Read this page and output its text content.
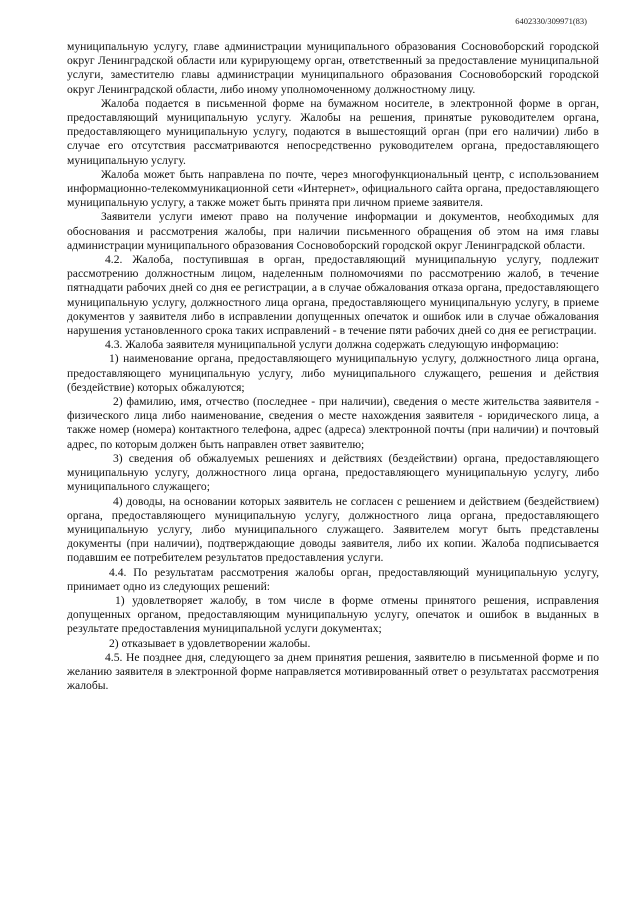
6402330/309971(83)

муниципальную услугу, главе администрации муниципального образования Сосновоборский городской округ Ленинградской области или курирующему орган, ответственный за предоставление муниципальной услуги, заместителю главы администрации муниципального образования Сосновоборский городской округ Ленинградской области, либо иному уполномоченному должностному лицу.

Жалоба подается в письменной форме на бумажном носителе, в электронной форме в орган, предоставляющий муниципальную услугу. Жалобы на решения, принятые руководителем органа, предоставляющего муниципальную услугу, подаются в вышестоящий орган (при его наличии) либо в случае его отсутствия рассматриваются непосредственно руководителем органа, предоставляющего муниципальную услугу.

Жалоба может быть направлена по почте, через многофункциональный центр, с использованием информационно-телекоммуникационной сети «Интернет», официального сайта органа, предоставляющего муниципальную услугу, а также может быть принята при личном приеме заявителя.

Заявители услуги имеют право на получение информации и документов, необходимых для обоснования и рассмотрения жалобы, при наличии письменного обращения об этом на имя главы администрации муниципального образования Сосновоборский городской округ Ленинградской области.

4.2. Жалоба, поступившая в орган, предоставляющий муниципальную услугу, подлежит рассмотрению должностным лицом, наделенным полномочиями по рассмотрению жалоб, в течение пятнадцати рабочих дней со дня ее регистрации, а в случае обжалования отказа органа, предоставляющего муниципальную услугу, должностного лица органа, предоставляющего муниципальную услугу, в приеме документов у заявителя либо в исправлении допущенных опечаток и ошибок или в случае обжалования нарушения установленного срока таких исправлений - в течение пяти рабочих дней со дня ее регистрации.

4.3. Жалоба заявителя муниципальной услуги должна содержать следующую информацию:

1) наименование органа, предоставляющего муниципальную услугу, должностного лица органа, предоставляющего муниципальную услугу, либо муниципального служащего, решения и действия (бездействие) которых обжалуются;

2) фамилию, имя, отчество (последнее - при наличии), сведения о месте жительства заявителя - физического лица либо наименование, сведения о месте нахождения заявителя - юридического лица, а также номер (номера) контактного телефона, адрес (адреса) электронной почты (при наличии) и почтовый адрес, по которым должен быть направлен ответ заявителю;

3) сведения об обжалуемых решениях и действиях (бездействии) органа, предоставляющего муниципальную услугу, должностного лица органа, предоставляющего муниципальную услугу, либо муниципального служащего;

4) доводы, на основании которых заявитель не согласен с решением и действием (бездействием) органа, предоставляющего муниципальную услугу, должностного лица органа, предоставляющего муниципальную услугу, либо муниципального служащего. Заявителем могут быть представлены документы (при наличии), подтверждающие доводы заявителя, либо их копии. Жалоба подписывается подавшим ее потребителем результатов предоставления услуги.

4.4. По результатам рассмотрения жалобы орган, предоставляющий муниципальную услугу, принимает одно из следующих решений:

1) удовлетворяет жалобу, в том числе в форме отмены принятого решения, исправления допущенных органом, предоставляющим муниципальную услугу, опечаток и ошибок в выданных в результате предоставления муниципальной услуги документах;

2) отказывает в удовлетворении жалобы.

4.5. Не позднее дня, следующего за днем принятия решения, заявителю в письменной форме и по желанию заявителя в электронной форме направляется мотивированный ответ о результатах рассмотрения жалобы.
